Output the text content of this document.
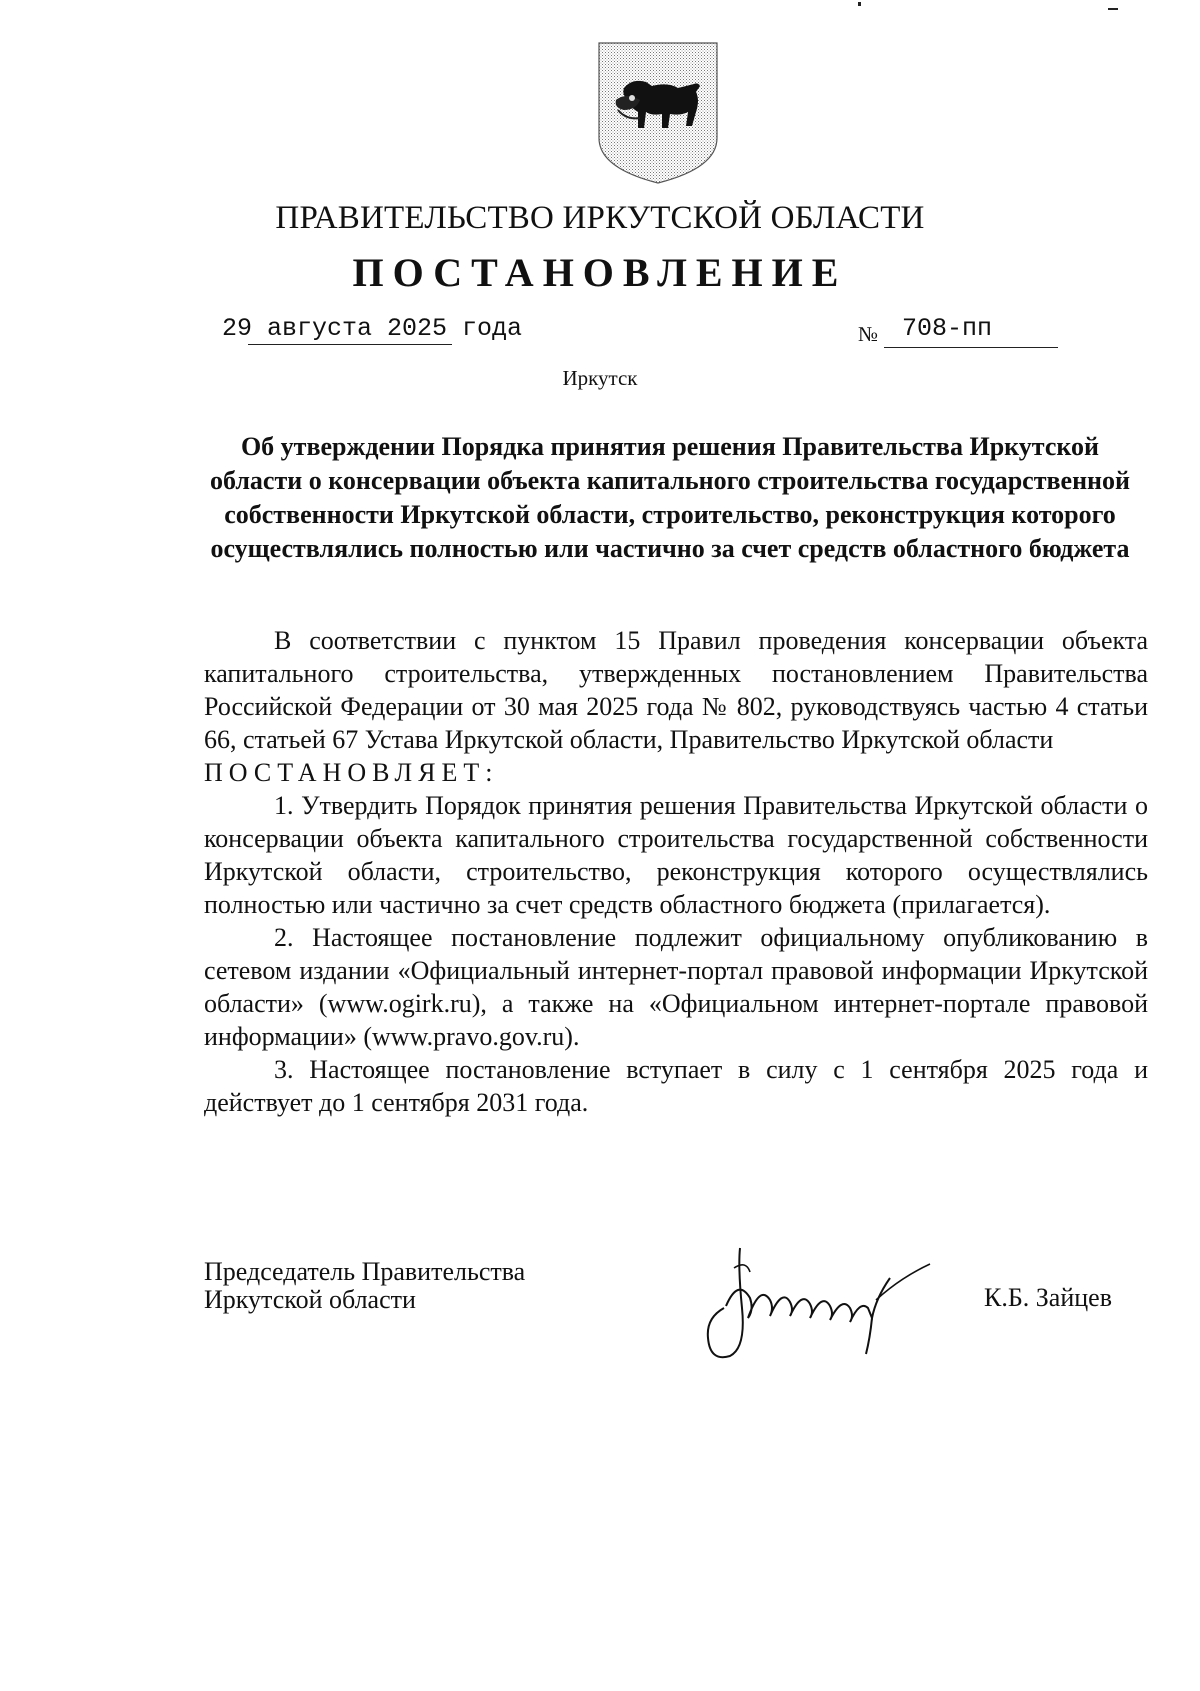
ПРАВИТЕЛЬСТВО ИРКУТСКОЙ ОБЛАСТИ
ПОСТАНОВЛЕНИЕ
29 августа 2025 года	№ 708-пп
Иркутск
Об утверждении Порядка принятия решения Правительства Иркутской области о консервации объекта капитального строительства государственной собственности Иркутской области, строительство, реконструкция которого осуществлялись полностью или частично за счет средств областного бюджета

В соответствии с пунктом 15 Правил проведения консервации объекта капитального строительства, утвержденных постановлением Правительства Российской Федерации от 30 мая 2025 года № 802, руководствуясь частью 4 статьи 66, статьей 67 Устава Иркутской области, Правительство Иркутской области

ПОСТАНОВЛЯЕТ:

1. Утвердить Порядок принятия решения Правительства Иркутской области о консервации объекта капитального строительства государственной собственности Иркутской области, строительство, реконструкция которого осуществлялись полностью или частично за счет средств областного бюджета (прилагается).

2. Настоящее постановление подлежит официальному опубликованию в сетевом издании «Официальный интернет-портал правовой информации Иркутской области» (www.ogirk.ru), а также на «Официальном интернет-портале правовой информации» (www.pravo.gov.ru).

3. Настоящее постановление вступает в силу с 1 сентября 2025 года и действует до 1 сентября 2031 года.

Председатель Правительства
Иркутской области	К.Б. Зайцев
